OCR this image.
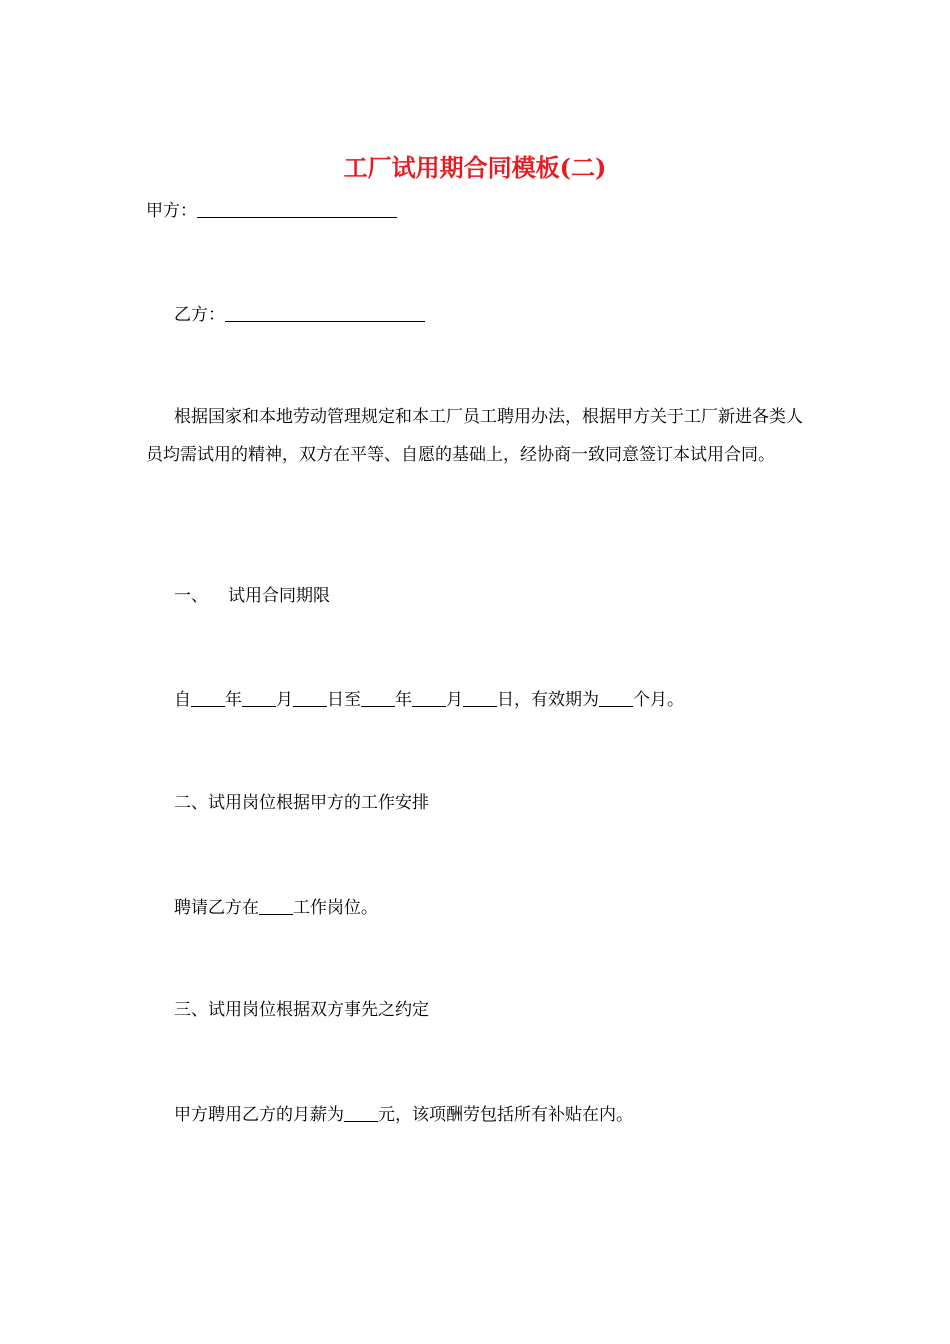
工厂试用期合同模板(二)
甲方：
乙方：
根据国家和本地劳动管理规定和本工厂员工聘用办法，根据甲方关于工厂新进各类人员均需试用的精神，双方在平等、自愿的基础上，经协商一致同意签订本试用合同。
一、 试用合同期限
自 年 月 日至 年 月 日，有效期为 个月。
二、试用岗位根据甲方的工作安排
聘请乙方在 工作岗位。
三、试用岗位根据双方事先之约定
甲方聘用乙方的月薪为 元，该项酬劳包括所有补贴在内。
